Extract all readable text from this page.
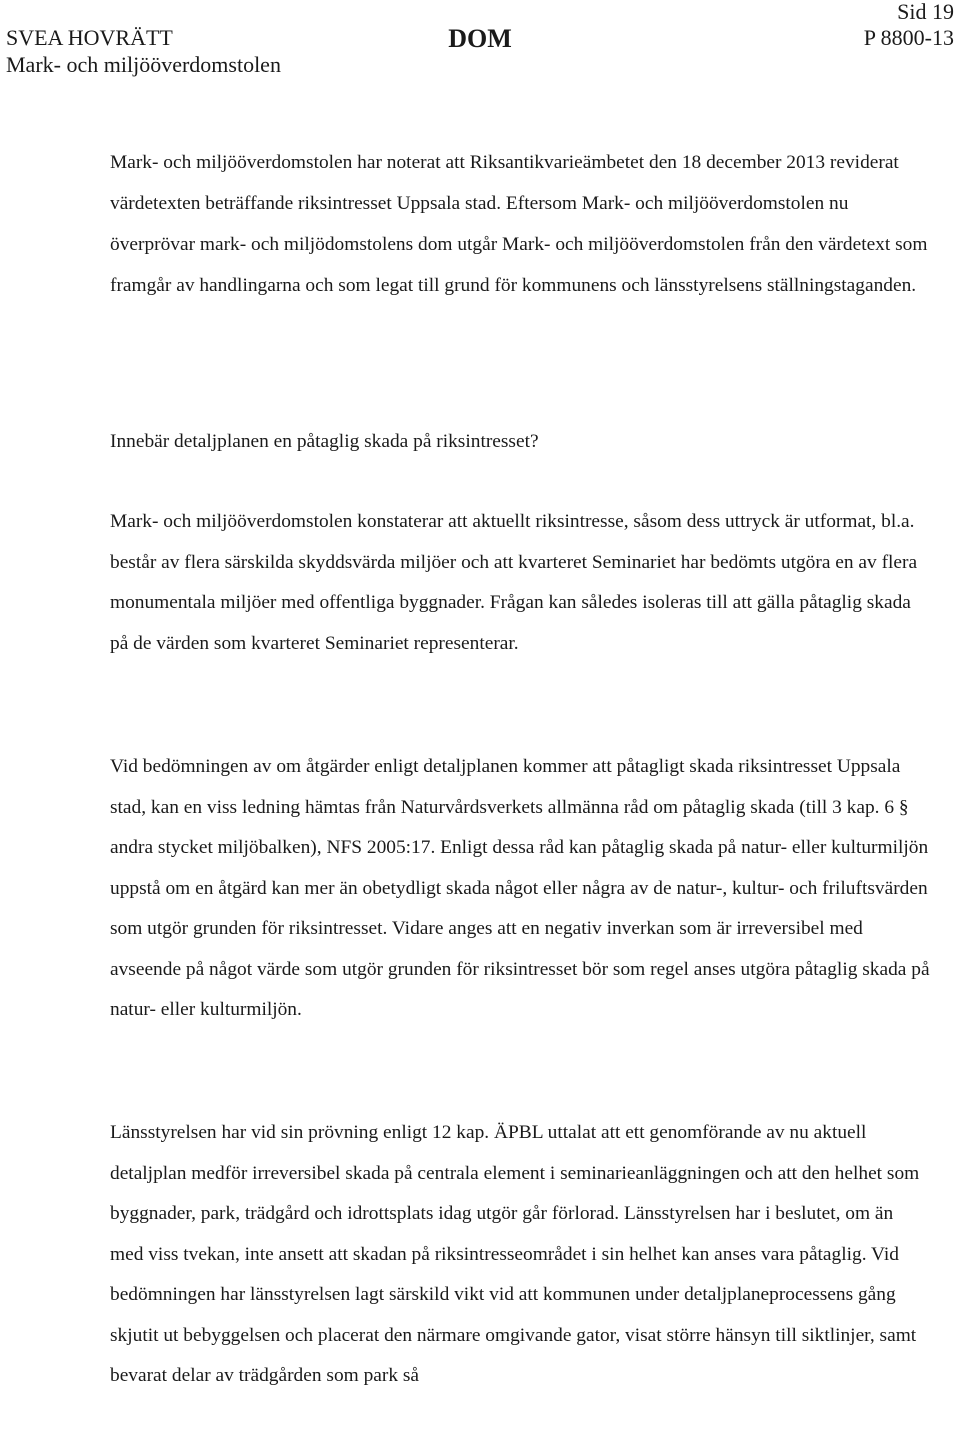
SVEA HOVRÄTT
Mark- och miljööverdomstolen
DOM
Sid 19
P 8800-13

Mark- och miljööverdomstolen har noterat att Riksantikvarieämbetet den 18 december 2013 reviderat värdetexten beträffande riksintresset Uppsala stad. Eftersom Mark- och miljööverdomstolen nu överprövar mark- och miljödomstolens dom utgår Mark- och miljööverdomstolen från den värdetext som framgår av handlingarna och som legat till grund för kommunens och länsstyrelsens ställningstaganden.

Innebär detaljplanen en påtaglig skada på riksintresset?

Mark- och miljööverdomstolen konstaterar att aktuellt riksintresse, såsom dess uttryck är utformat, bl.a. består av flera särskilda skyddsvärda miljöer och att kvarteret Seminariet har bedömts utgöra en av flera monumentala miljöer med offentliga byggnader. Frågan kan således isoleras till att gälla påtaglig skada på de värden som kvarteret Seminariet representerar.

Vid bedömningen av om åtgärder enligt detaljplanen kommer att påtagligt skada riksintresset Uppsala stad, kan en viss ledning hämtas från Naturvårdsverkets allmänna råd om påtaglig skada (till 3 kap. 6 § andra stycket miljöbalken), NFS 2005:17. Enligt dessa råd kan påtaglig skada på natur- eller kulturmiljön uppstå om en åtgärd kan mer än obetydligt skada något eller några av de natur-, kultur- och friluftsvärden som utgör grunden för riksintresset. Vidare anges att en negativ inverkan som är irreversibel med avseende på något värde som utgör grunden för riksintresset bör som regel anses utgöra påtaglig skada på natur- eller kulturmiljön.

Länsstyrelsen har vid sin prövning enligt 12 kap. ÄPBL uttalat att ett genomförande av nu aktuell detaljplan medför irreversibel skada på centrala element i seminarieanläggningen och att den helhet som byggnader, park, trädgård och idrottsplats idag utgör går förlorad. Länsstyrelsen har i beslutet, om än med viss tvekan, inte ansett att skadan på riksintresseområdet i sin helhet kan anses vara påtaglig. Vid bedömningen har länsstyrelsen lagt särskild vikt vid att kommunen under detaljplaneprocessens gång skjutit ut bebyggelsen och placerat den närmare omgivande gator, visat större hänsyn till siktlinjer, samt bevarat delar av trädgården som park så
